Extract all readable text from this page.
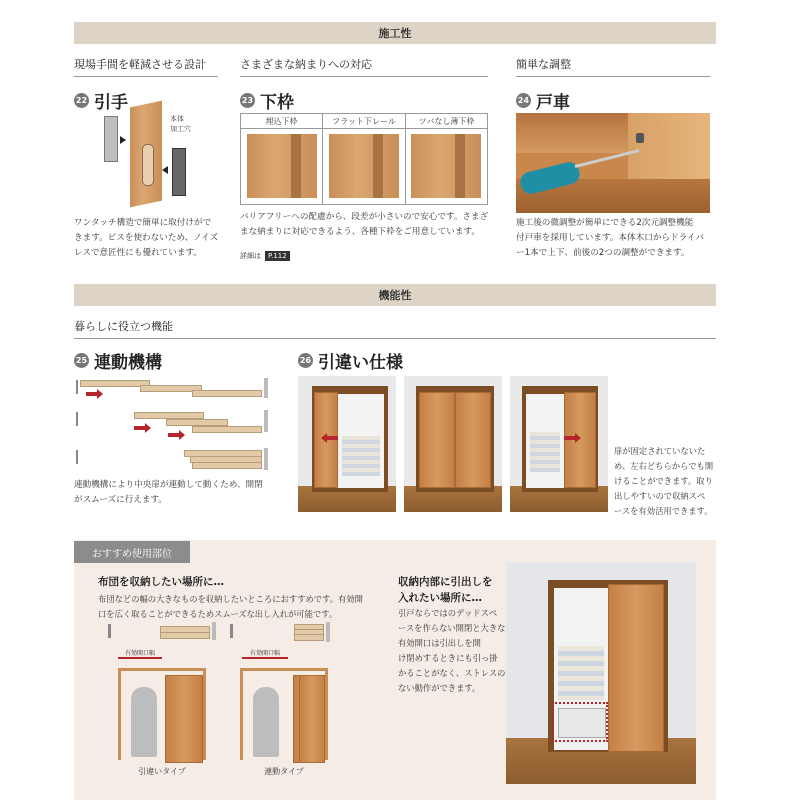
施工性
現場手間を軽減させる設計	さまざまな納まりへの対応	簡単な調整
22 引手
本体
加工穴
ワンタッチ構造で簡単に取付けがで
きます。ビスを使わないため、ノイズ
レスで意匠性にも優れています。
23 下枠
埋込下枠	フラット下レール	ツバなし薄下枠
バリアフリーへの配慮から、段差が小さいので安心です。さまざ
まな納まりに対応できるよう、各種下枠をご用意しています。
詳細は	P.112
24 戸車
施工後の微調整が簡単にできる2次元調整機能
付戸車を採用しています。本体木口からドライバ
ー1本で上下、前後の2つの調整ができます。
機能性
暮らしに役立つ機能
25 連動機構
連動機構により中央扉が連動して動くため、開閉
がスムーズに行えます。
26 引違い仕様
扉が固定されていないた
め、左右どちらからでも開
けることができます。取り
出しやすいので収納スペ
ースを有効活用できます。
おすすめ使用部位
布団を収納したい場所に…
布団などの幅の大きなものを収納したいところにおすすめです。有効開
口を広く取ることができるためスムーズな出し入れが可能です。
有効開口幅	有効開口幅
引違いタイプ	連動タイプ
収納内部に引出しを
入れたい場所に…
引戸ならではのデッドスペ
ースを作らない開閉と大きな
有効開口は引出しを開
け閉めするときにも引っ掛
かることがなく、ストレスの
ない動作ができます。
